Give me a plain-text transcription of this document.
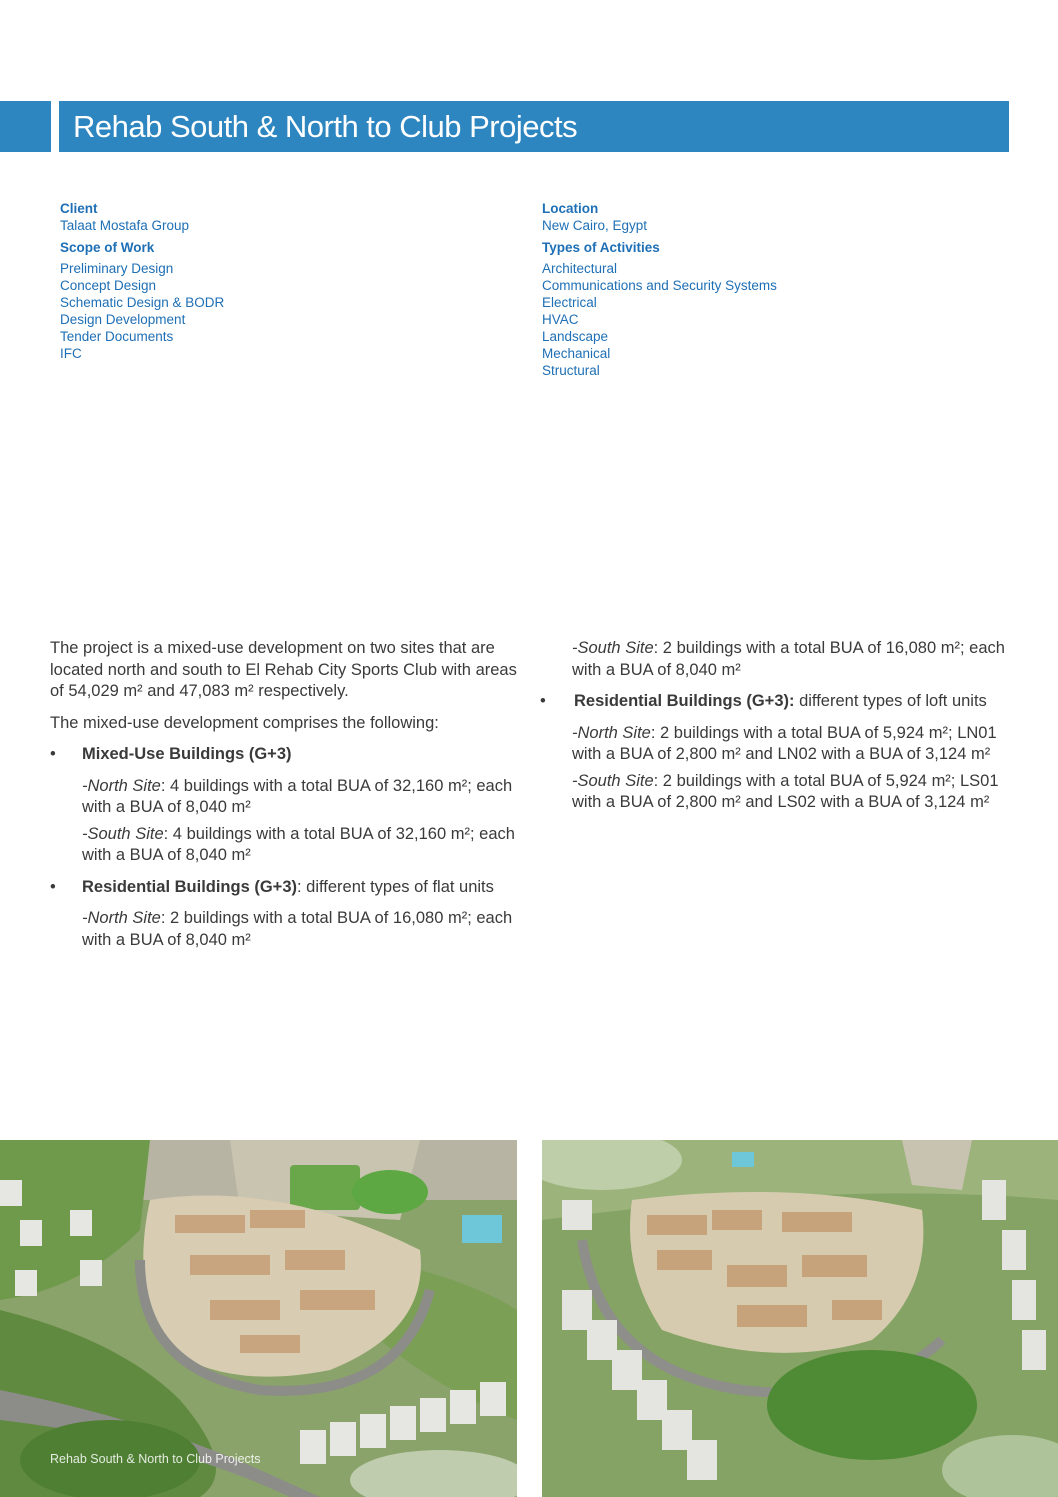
Rehab South & North to Club Projects
Client
Talaat Mostafa Group
Scope of Work
Preliminary Design
Concept Design
Schematic Design & BODR
Design Development
Tender Documents
IFC
Location
New Cairo, Egypt
Types of Activities
Architectural
Communications and Security Systems
Electrical
HVAC
Landscape
Mechanical
Structural

The project is a mixed-use development on two sites that are located north and south to El Rehab City Sports Club with areas of 54,029 m² and 47,083 m² respectively.

The mixed-use development comprises the following:

•	Mixed-Use Buildings (G+3)

-North Site: 4 buildings with a total BUA of 32,160 m²; each with a BUA of 8,040 m²

-South Site: 4 buildings with a total BUA of 32,160 m²; each with a BUA of 8,040 m²

•	Residential Buildings (G+3): different types of flat units

-North Site: 2 buildings with a total BUA of 16,080 m²; each with a BUA of 8,040 m²

-South Site: 2 buildings with a total BUA of 16,080 m²; each with a BUA of 8,040 m²

•	Residential Buildings (G+3): different types of loft units

-North Site: 2 buildings with a total BUA of 5,924 m²; LN01 with a BUA of 2,800 m² and LN02 with a BUA of 3,124 m²

-South Site: 2 buildings with a total BUA of 5,924 m²; LS01 with a BUA of 2,800 m² and LS02 with a BUA of 3,124 m²

Rehab South & North to Club Projects
